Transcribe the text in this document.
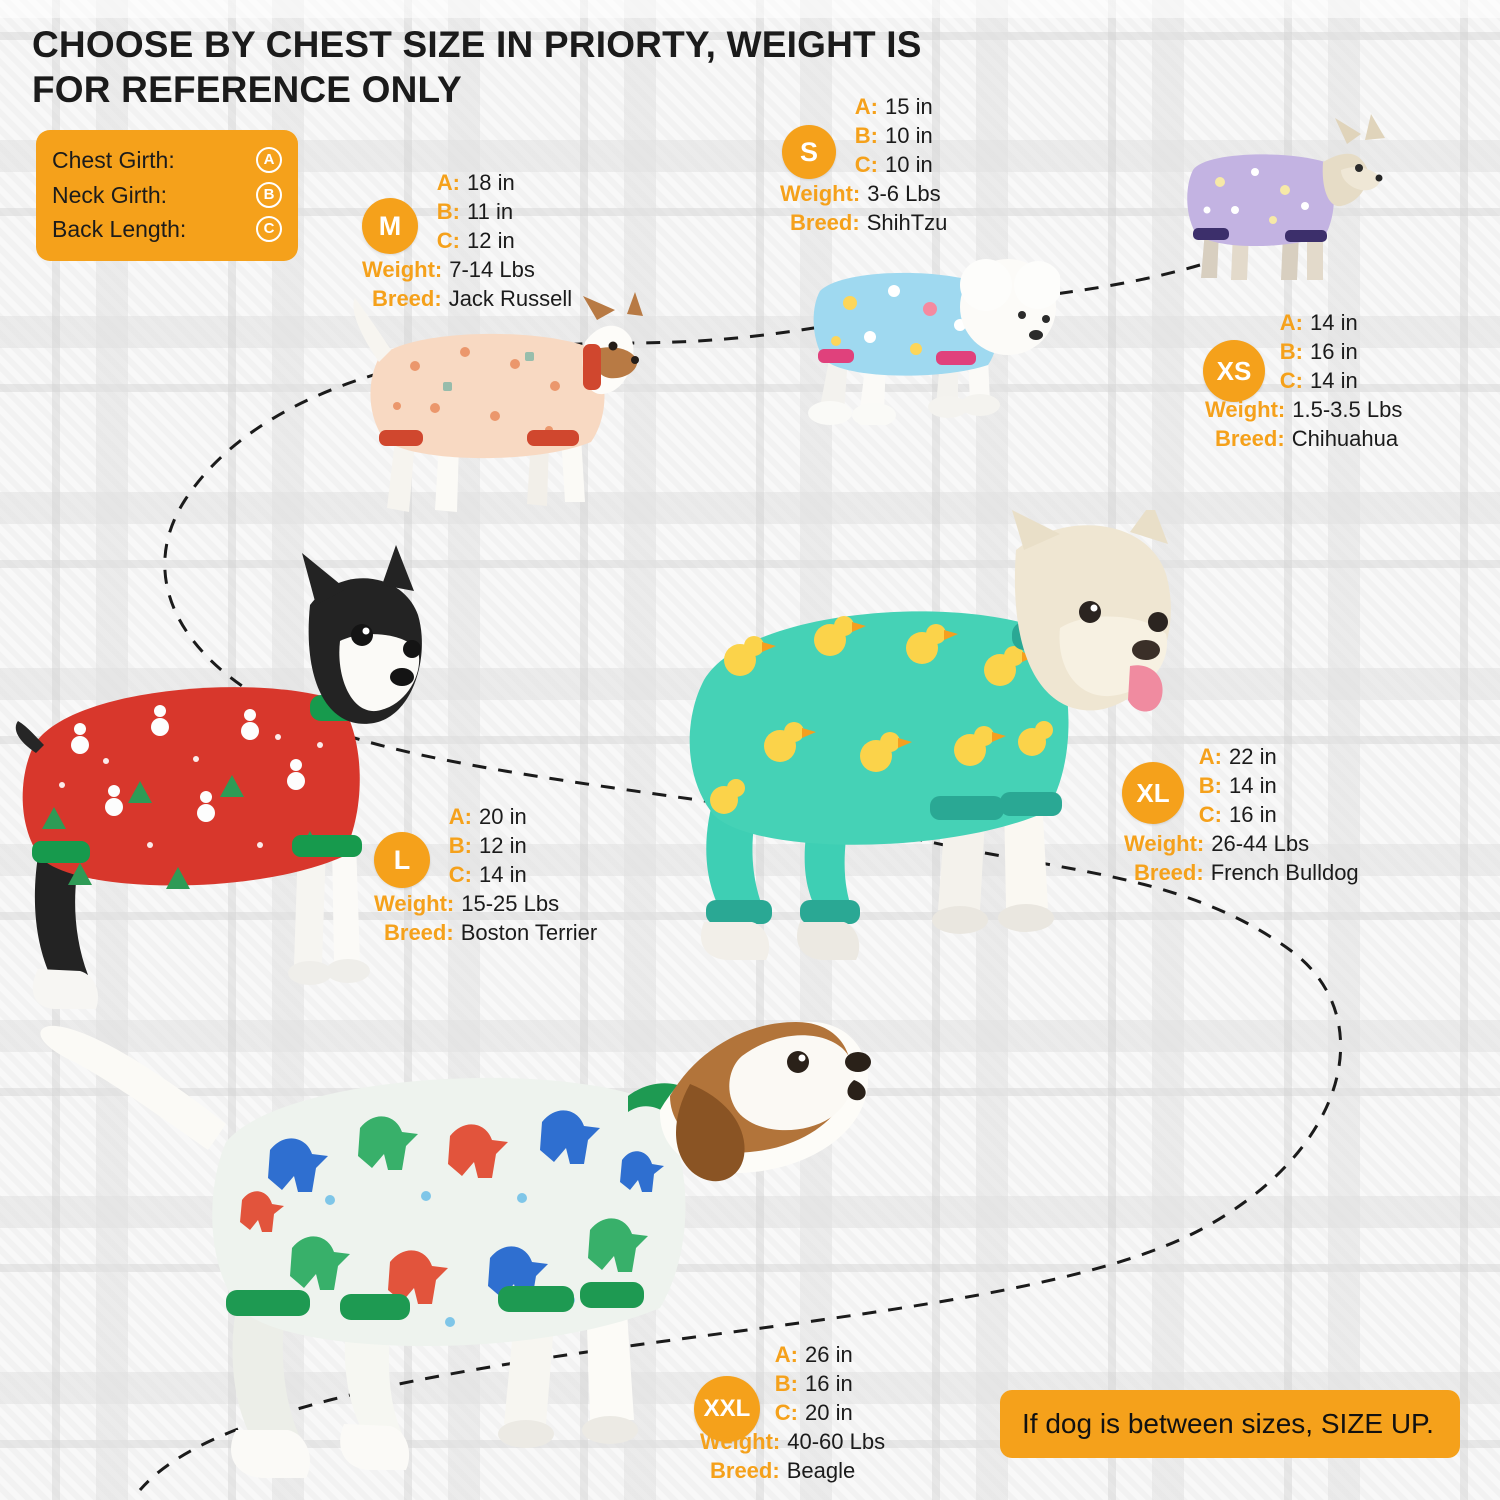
CHOOSE BY CHEST SIZE IN PRIORTY, WEIGHT IS FOR REFERENCE ONLY
Chest Girth:	A
Neck Girth:	B
Back Length:	C
S
A: 15 in
B: 10 in
C: 10 in
Weight: 3-6 Lbs
Breed: ShihTzu
M
A: 18 in
B: 11 in
C: 12 in
Weight: 7-14 Lbs
Breed: Jack Russell
XS
A: 14 in
B: 16 in
C: 14 in
Weight: 1.5-3.5 Lbs
Breed: Chihuahua
L
A: 20 in
B: 12 in
C: 14 in
Weight: 15-25 Lbs
Breed: Boston Terrier
XL
A: 22 in
B: 14 in
C: 16 in
Weight: 26-44 Lbs
Breed: French Bulldog
XXL
A: 26 in
B: 16 in
C: 20 in
Weight: 40-60 Lbs
Breed: Beagle
If dog is between sizes, SIZE UP.
